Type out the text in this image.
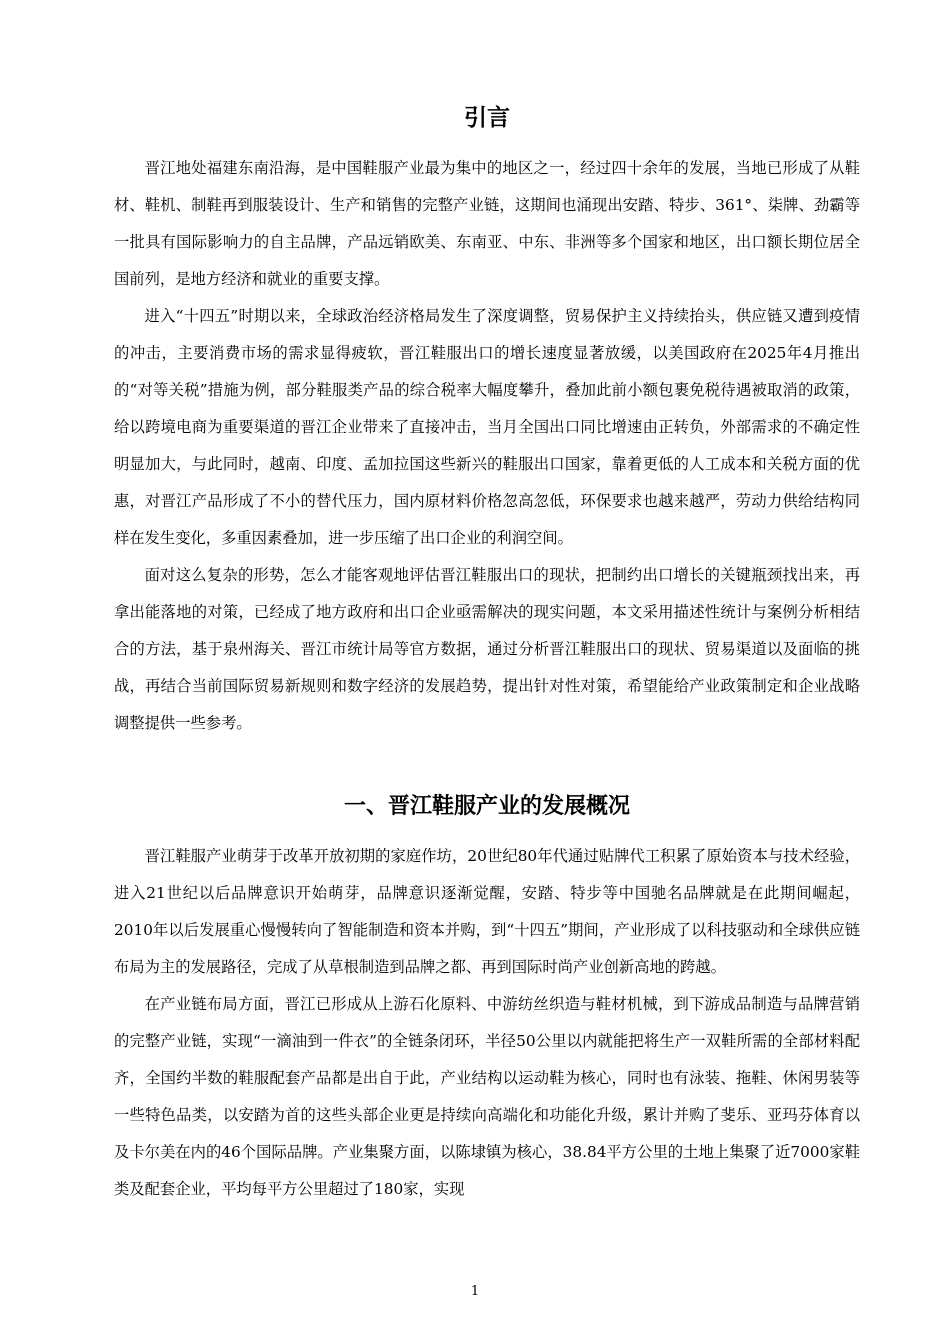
引言

晋江地处福建东南沿海，是中国鞋服产业最为集中的地区之一，经过四十余年的发展，当地已形成了从鞋材、鞋机、制鞋再到服装设计、生产和销售的完整产业链，这期间也涌现出安踏、特步、361°、柒牌、劲霸等一批具有国际影响力的自主品牌，产品远销欧美、东南亚、中东、非洲等多个国家和地区，出口额长期位居全国前列，是地方经济和就业的重要支撑。

进入“十四五”时期以来，全球政治经济格局发生了深度调整，贸易保护主义持续抬头，供应链又遭到疫情的冲击，主要消费市场的需求显得疲软，晋江鞋服出口的增长速度显著放缓，以美国政府在2025年4月推出的“对等关税”措施为例，部分鞋服类产品的综合税率大幅度攀升，叠加此前小额包裹免税待遇被取消的政策，给以跨境电商为重要渠道的晋江企业带来了直接冲击，当月全国出口同比增速由正转负，外部需求的不确定性明显加大，与此同时，越南、印度、孟加拉国这些新兴的鞋服出口国家，靠着更低的人工成本和关税方面的优惠，对晋江产品形成了不小的替代压力，国内原材料价格忽高忽低，环保要求也越来越严，劳动力供给结构同样在发生变化，多重因素叠加，进一步压缩了出口企业的利润空间。

面对这么复杂的形势，怎么才能客观地评估晋江鞋服出口的现状，把制约出口增长的关键瓶颈找出来，再拿出能落地的对策，已经成了地方政府和出口企业亟需解决的现实问题，本文采用描述性统计与案例分析相结合的方法，基于泉州海关、晋江市统计局等官方数据，通过分析晋江鞋服出口的现状、贸易渠道以及面临的挑战，再结合当前国际贸易新规则和数字经济的发展趋势，提出针对性对策，希望能给产业政策制定和企业战略调整提供一些参考。

一、晋江鞋服产业的发展概况

晋江鞋服产业萌芽于改革开放初期的家庭作坊，20世纪80年代通过贴牌代工积累了原始资本与技术经验，进入21世纪以后品牌意识开始萌芽，品牌意识逐渐觉醒，安踏、特步等中国驰名品牌就是在此期间崛起，2010年以后发展重心慢慢转向了智能制造和资本并购，到“十四五”期间，产业形成了以科技驱动和全球供应链布局为主的发展路径，完成了从草根制造到品牌之都、再到国际时尚产业创新高地的跨越。

在产业链布局方面，晋江已形成从上游石化原料、中游纺丝织造与鞋材机械，到下游成品制造与品牌营销的完整产业链，实现“一滴油到一件衣”的全链条闭环，半径50公里以内就能把将生产一双鞋所需的全部材料配齐，全国约半数的鞋服配套产品都是出自于此，产业结构以运动鞋为核心，同时也有泳装、拖鞋、休闲男装等一些特色品类，以安踏为首的这些头部企业更是持续向高端化和功能化升级，累计并购了斐乐、亚玛芬体育以及卡尔美在内的46个国际品牌。产业集聚方面，以陈埭镇为核心，38.84平方公里的土地上集聚了近7000家鞋类及配套企业，平均每平方公里超过了180家，实现

1
